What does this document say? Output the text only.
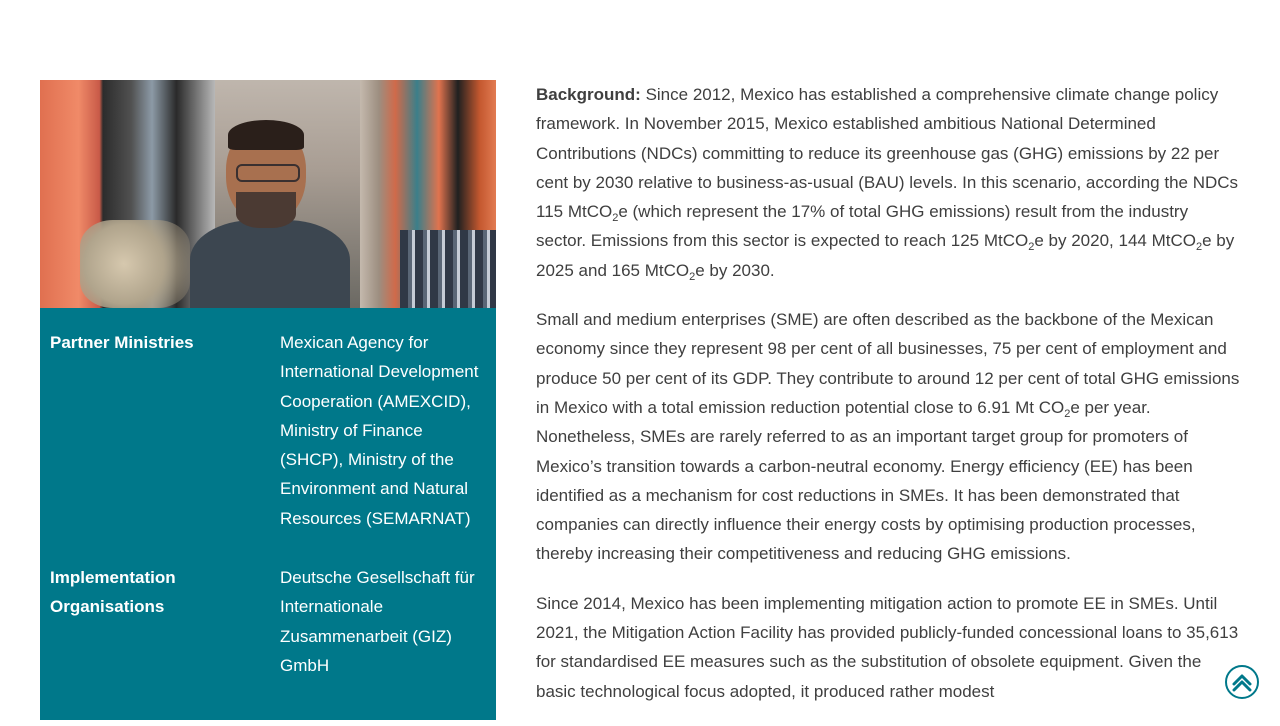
Partner Ministries	Mexican Agency for International Development Cooperation (AMEXCID), Ministry of Finance (SHCP), Ministry of the Environment and Natural Resources (SEMARNAT)
Implementation Organisations
Deutsche Gesellschaft für Internationale Zusammenarbeit (GIZ) GmbH

Background: Since 2012, Mexico has established a comprehensive climate change policy framework. In November 2015, Mexico established ambitious National Determined Contributions (NDCs) committing to reduce its greenhouse gas (GHG) emissions by 22 per cent by 2030 relative to business-as-usual (BAU) levels. In this scenario, according the NDCs 115 MtCO$_2$e (which represent the 17% of total GHG emissions) result from the industry sector. Emissions from this sector is expected to reach 125 MtCO$_2$e by 2020, 144 MtCO$_2$e by 2025 and 165 MtCO$_2$e by 2030.

Small and medium enterprises (SME) are often described as the backbone of the Mexican economy since they represent 98 per cent of all businesses, 75 per cent of employment and produce 50 per cent of its GDP. They contribute to around 12 per cent of total GHG emissions in Mexico with a total emission reduction potential close to 6.91 Mt $CO_2e$ per year. Nonetheless, SMEs are rarely referred to as an important target group for promoters of Mexico’s transition towards a carbon-neutral economy. Energy efficiency (EE) has been identified as a mechanism for cost reductions in SMEs. It has been demonstrated that companies can directly influence their energy costs by optimising production processes, thereby increasing their competitiveness and reducing GHG emissions.

Since 2014, Mexico has been implementing mitigation action to promote EE in SMEs. Until 2021, the Mitigation Action Facility has provided publicly-funded concessional loans to 35,613 for standardised EE measures such as the substitution of obsolete equipment. Given the basic technological focus adopted, it produced rather modest
